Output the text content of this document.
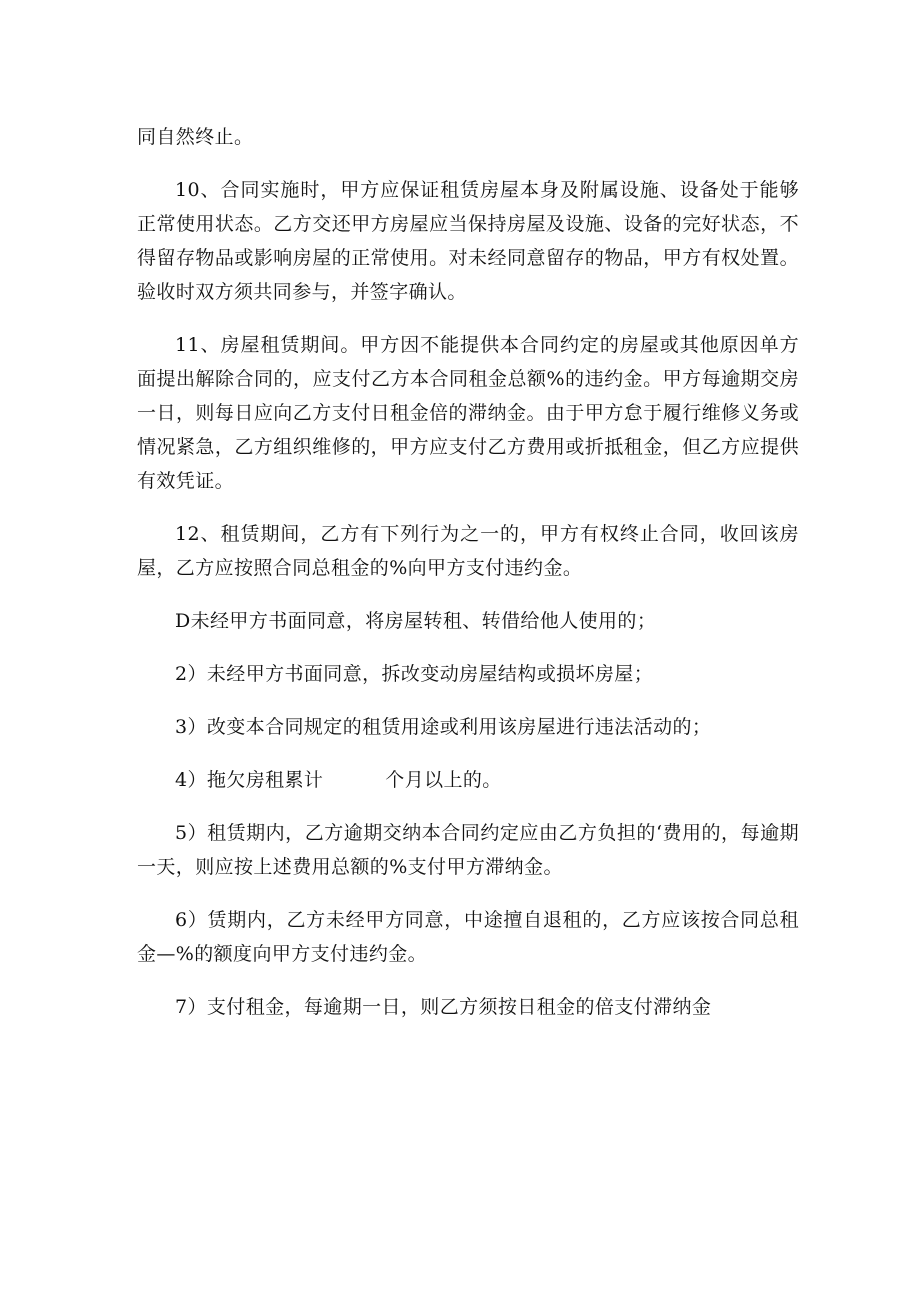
同自然终止。

10、合同实施时，甲方应保证租赁房屋本身及附属设施、设备处于能够正常使用状态。乙方交还甲方房屋应当保持房屋及设施、设备的完好状态，不得留存物品或影响房屋的正常使用。对未经同意留存的物品，甲方有权处置。验收时双方须共同参与，并签字确认。

11、房屋租赁期间。甲方因不能提供本合同约定的房屋或其他原因单方面提出解除合同的，应支付乙方本合同租金总额%的违约金。甲方每逾期交房一日，则每日应向乙方支付日租金倍的滞纳金。由于甲方怠于履行维修义务或情况紧急，乙方组织维修的，甲方应支付乙方费用或折抵租金，但乙方应提供有效凭证。

12、租赁期间，乙方有下列行为之一的，甲方有权终止合同，收回该房屋，乙方应按照合同总租金的%向甲方支付违约金。

D未经甲方书面同意，将房屋转租、转借给他人使用的；

2）未经甲方书面同意，拆改变动房屋结构或损坏房屋；

3）改变本合同规定的租赁用途或利用该房屋进行违法活动的；

4）拖欠房租累计	个月以上的。

5）租赁期内，乙方逾期交纳本合同约定应由乙方负担的‘费用的，每逾期一天，则应按上述费用总额的%支付甲方滞纳金。

6）赁期内，乙方未经甲方同意，中途擅自退租的，乙方应该按合同总租金—%的额度向甲方支付违约金。

7）支付租金，每逾期一日，则乙方须按日租金的倍支付滞纳金
